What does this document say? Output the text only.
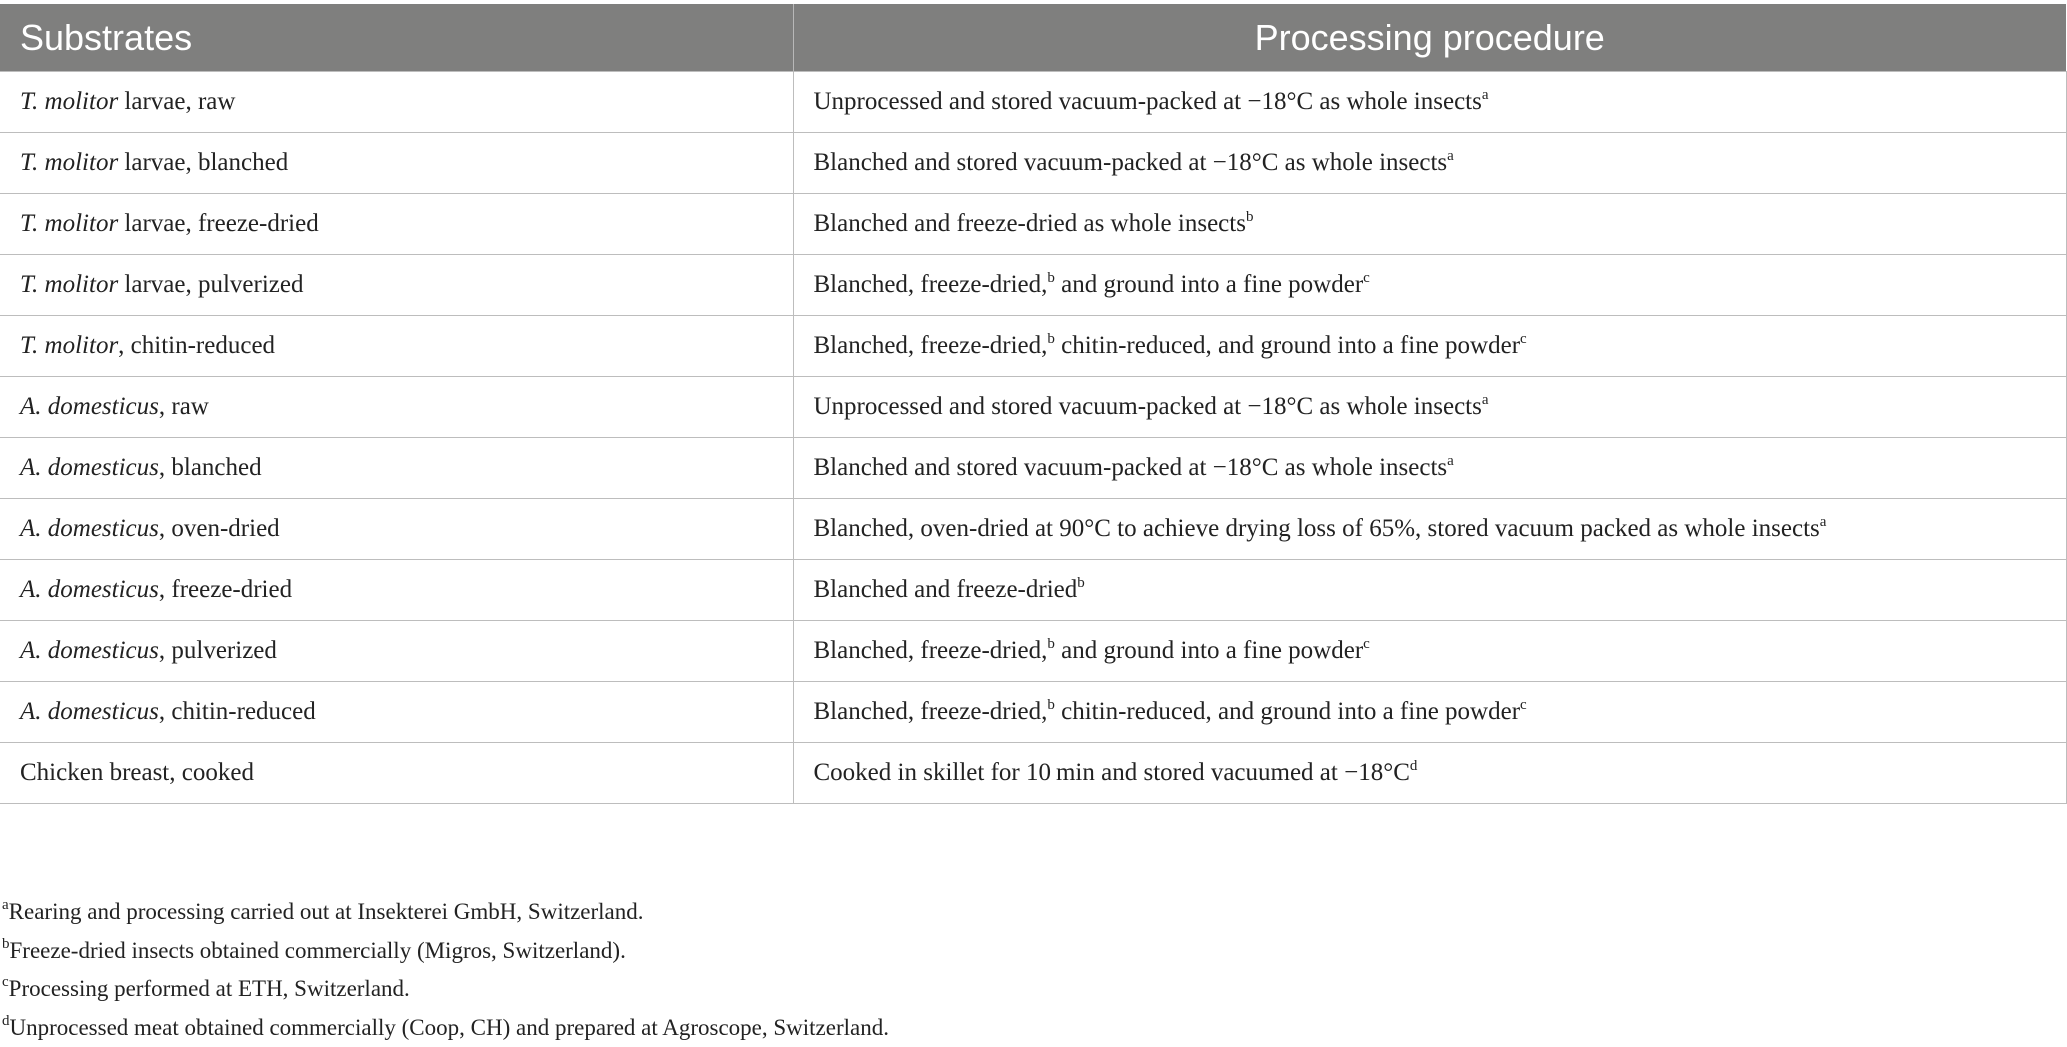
Substrates	Processing procedure
T. molitor larvae, raw	Unprocessed and stored vacuum-packed at −18°C as whole insects$^a$
T. molitor larvae, blanched	Blanched and stored vacuum-packed at −18°C as whole insects$^a$
T. molitor larvae, freeze-dried	Blanched and freeze-dried as whole insects$^b$
T. molitor larvae, pulverized	Blanched, freeze-dried,$^b$ and ground into a fine powder$^c$
T. molitor, chitin-reduced	Blanched, freeze-dried,$^b$ chitin-reduced, and ground into a fine powder$^c$
A. domesticus, raw	Unprocessed and stored vacuum-packed at −18°C as whole insects$^a$
A. domesticus, blanched	Blanched and stored vacuum-packed at −18°C as whole insects$^a$
A. domesticus, oven-dried	Blanched, oven-dried at 90°C to achieve drying loss of 65%, stored vacuum packed as whole insects$^a$
A. domesticus, freeze-dried	Blanched and freeze-dried$^b$
A. domesticus, pulverized	Blanched, freeze-dried,$^b$ and ground into a fine powder$^c$
A. domesticus, chitin-reduced	Blanched, freeze-dried,$^b$ chitin-reduced, and ground into a fine powder$^c$
Chicken breast, cooked	Cooked in skillet for 10 min and stored vacuumed at $-18^\circ C^d$
$^a$Rearing and processing carried out at Insekterei GmbH, Switzerland.
$^b$Freeze-dried insects obtained commercially (Migros, Switzerland).
$^c$Processing performed at ETH, Switzerland.
$^d$Unprocessed meat obtained commercially (Coop, CH) and prepared at Agroscope, Switzerland.
